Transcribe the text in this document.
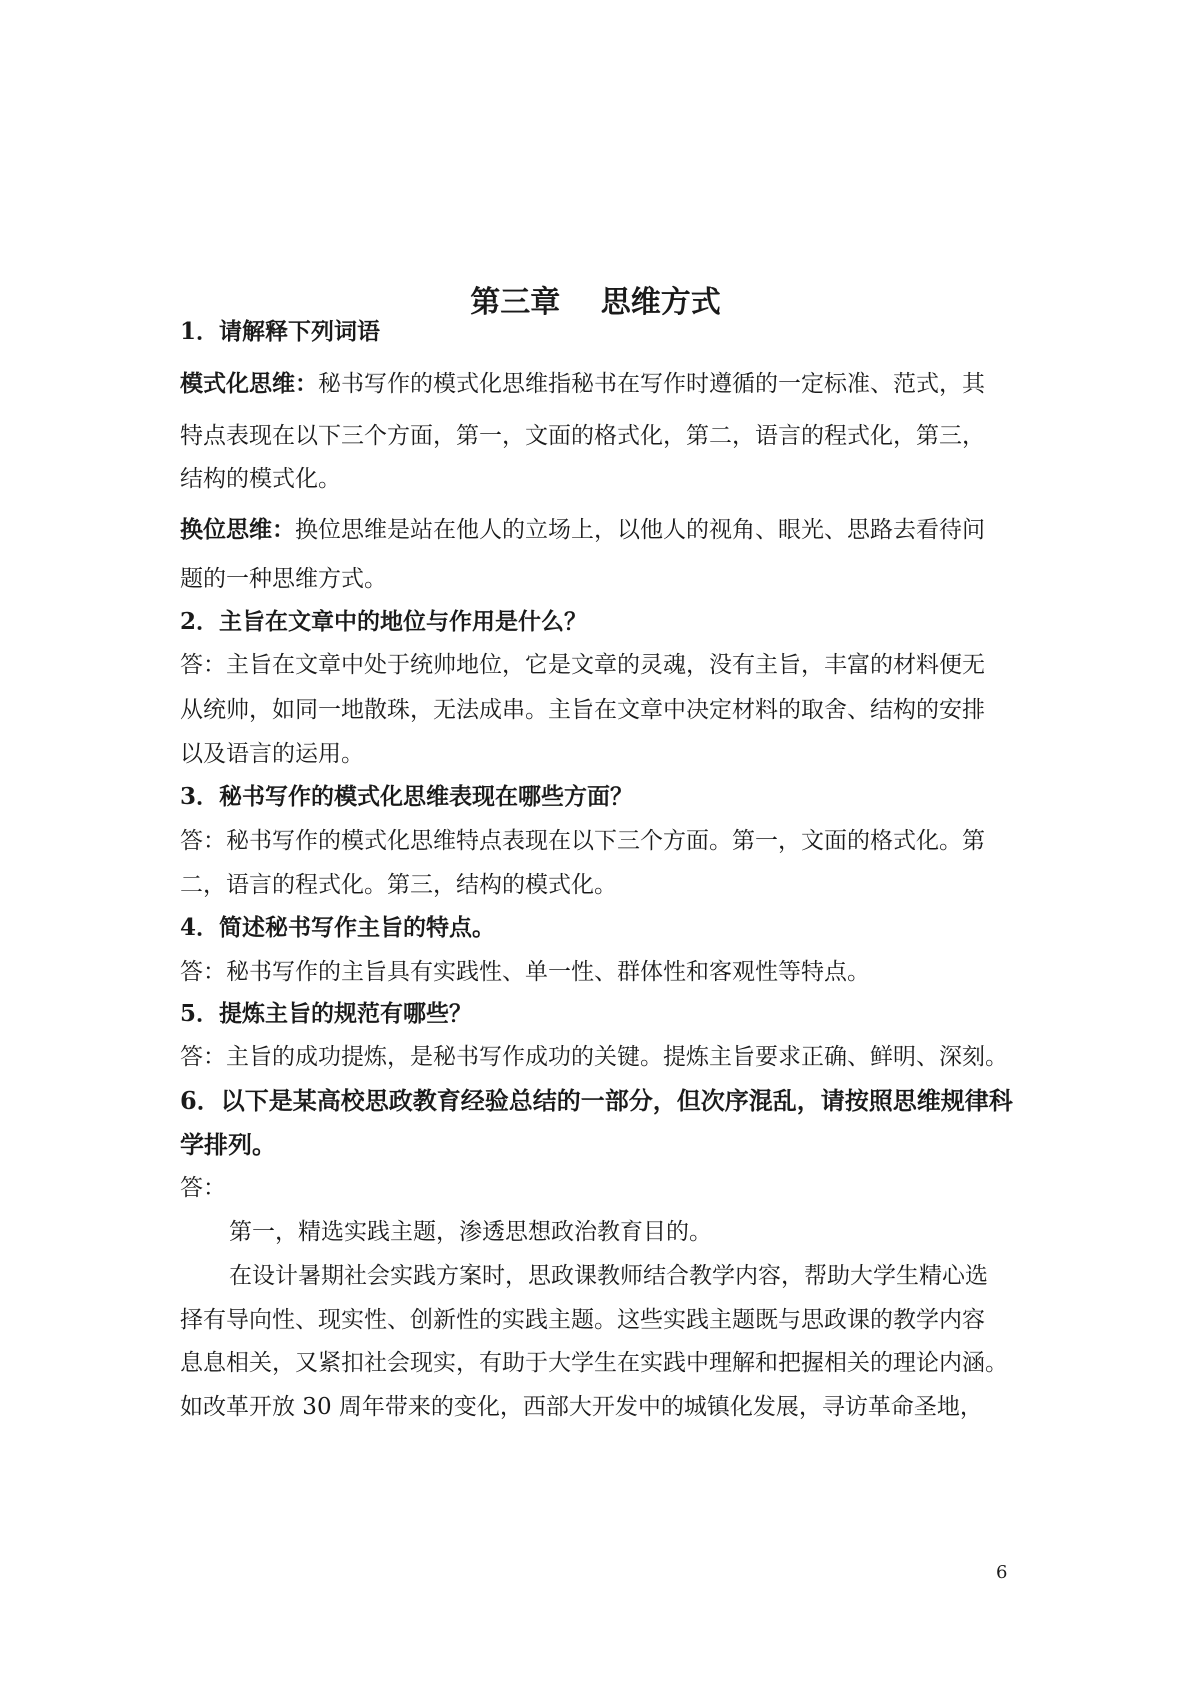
第三章　 思维方式
1．请解释下列词语
模式化思维：秘书写作的模式化思维指秘书在写作时遵循的一定标准、范式，其
特点表现在以下三个方面，第一，文面的格式化，第二，语言的程式化，第三，
结构的模式化。
换位思维：换位思维是站在他人的立场上，以他人的视角、眼光、思路去看待问
题的一种思维方式。
2．主旨在文章中的地位与作用是什么？
答：主旨在文章中处于统帅地位，它是文章的灵魂，没有主旨，丰富的材料便无
从统帅，如同一地散珠，无法成串。主旨在文章中决定材料的取舍、结构的安排
以及语言的运用。
3．秘书写作的模式化思维表现在哪些方面？
答：秘书写作的模式化思维特点表现在以下三个方面。第一，文面的格式化。第
二，语言的程式化。第三，结构的模式化。
4．简述秘书写作主旨的特点。
答：秘书写作的主旨具有实践性、单一性、群体性和客观性等特点。
5．提炼主旨的规范有哪些？
答：主旨的成功提炼，是秘书写作成功的关键。提炼主旨要求正确、鲜明、深刻。
6．以下是某高校思政教育经验总结的一部分，但次序混乱，请按照思维规律科
学排列。
答：
第一，精选实践主题，渗透思想政治教育目的。
在设计暑期社会实践方案时，思政课教师结合教学内容，帮助大学生精心选
择有导向性、现实性、创新性的实践主题。这些实践主题既与思政课的教学内容
息息相关，又紧扣社会现实，有助于大学生在实践中理解和把握相关的理论内涵。
如改革开放 30 周年带来的变化，西部大开发中的城镇化发展，寻访革命圣地，
6
